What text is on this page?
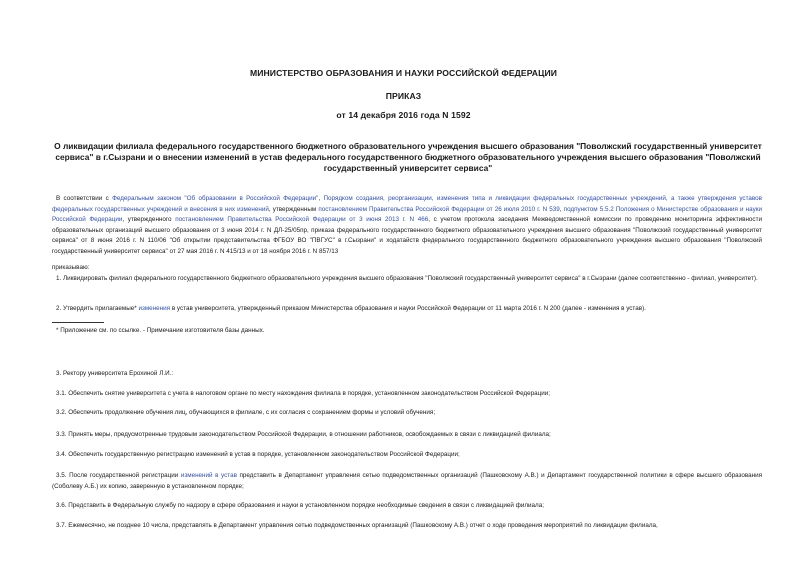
МИНИСТЕРСТВО ОБРАЗОВАНИЯ И НАУКИ РОССИЙСКОЙ ФЕДЕРАЦИИ
ПРИКАЗ
от 14 декабря 2016 года N 1592
О ликвидации филиала федерального государственного бюджетного образовательного учреждения высшего образования "Поволжский государственный университет сервиса" в г.Сызрани и о внесении изменений в устав федерального государственного бюджетного образовательного учреждения высшего образования "Поволжский государственный университет сервиса"
В соответствии с Федеральным законом "Об образовании в Российской Федерации", Порядком создания, реорганизации, изменения типа и ликвидации федеральных государственных учреждений, а также утверждения уставов федеральных государственных учреждений и внесения в них изменений, утвержденным постановлением Правительства Российской Федерации от 26 июля 2010 г. N 539, подпунктом 5.5.2 Положения о Министерстве образования и науки Российской Федерации, утвержденного постановлением Правительства Российской Федерации от 3 июня 2013 г. N 466, с учетом протокола заседания Межведомственной комиссии по проведению мониторинга эффективности образовательных организаций высшего образования от 3 июня 2014 г. N ДЛ-25/05пр, приказа федерального государственного бюджетного образовательного учреждения высшего образования "Поволжский государственный университет сервиса" от 8 июня 2016 г. N 110/06 "Об открытии представительства ФГБОУ ВО "ПВГУС" в г.Сызрани" и ходатайств федерального государственного бюджетного образовательного учреждения высшего образования "Поволжский государственный университет сервиса" от 27 мая 2016 г. N 415/13 и от 18 ноября 2016 г. N 857/13
приказываю:
1. Ликвидировать филиал федерального государственного бюджетного образовательного учреждения высшего образования "Поволжский государственный университет сервиса" в г.Сызрани (далее соответственно - филиал, университет).
2. Утвердить прилагаемые* изменения в устав университета, утвержденный приказом Министерства образования и науки Российской Федерации от 11 марта 2016 г. N 200 (далее - изменения в устав).
* Приложение см. по ссылке. - Примечание изготовителя базы данных.
3. Ректору университета Ерохиной Л.И.:
3.1. Обеспечить снятие университета с учета в налоговом органе по месту нахождения филиала в порядке, установленном законодательством Российской Федерации;
3.2. Обеспечить продолжение обучения лиц, обучающихся в филиале, с их согласия с сохранением формы и условий обучения;
3.3. Принять меры, предусмотренные трудовым законодательством Российской Федерации, в отношении работников, освобождаемых в связи с ликвидацией филиала;
3.4. Обеспечить государственную регистрацию изменений в устав в порядке, установленном законодательством Российской Федерации;
3.5. После государственной регистрации изменений в устав представить в Департамент управления сетью подведомственных организаций (Пашковскому А.В.) и Департамент государственной политики в сфере высшего образования (Соболеву А.Б.) их копию, заверенную в установленном порядке;
3.6. Представить в Федеральную службу по надзору в сфере образования и науки в установленном порядке необходимые сведения в связи с ликвидацией филиала;
3.7. Ежемесячно, не позднее 10 числа, представлять в Департамент управления сетью подведомственных организаций (Пашковскому А.В.) отчет о ходе проведения мероприятий по ликвидации филиала,
